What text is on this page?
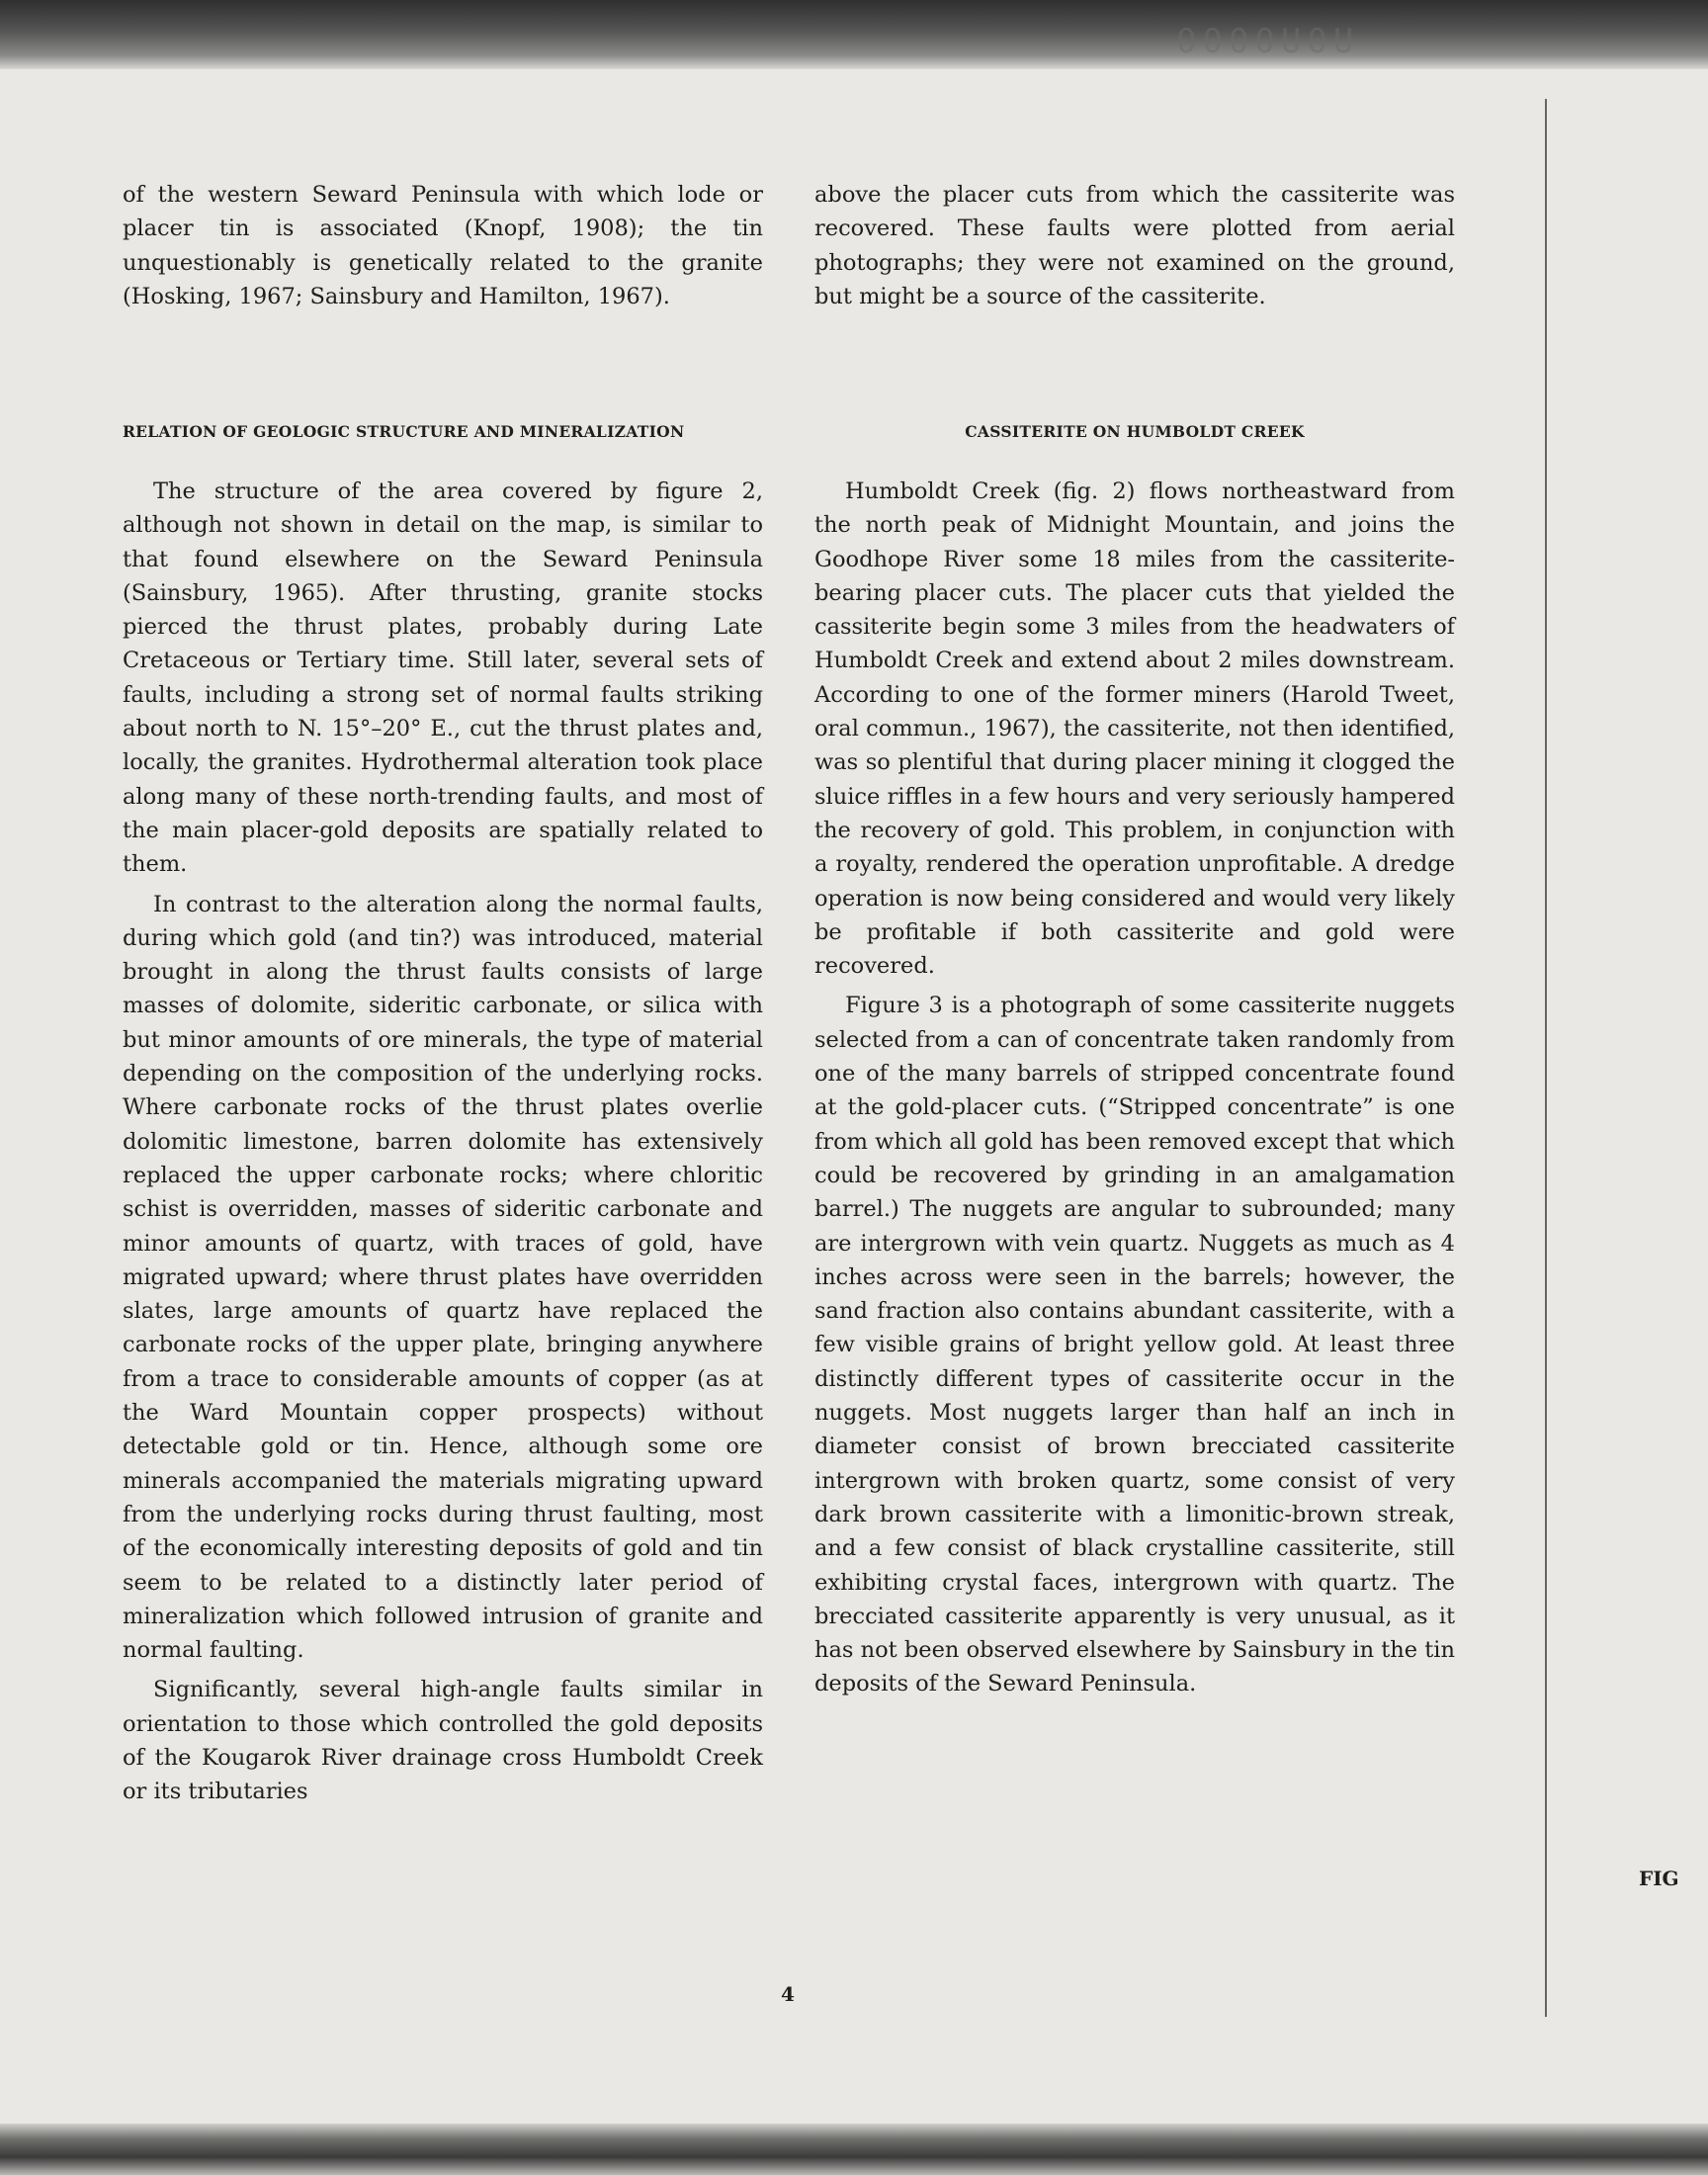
0000U0U

of the western Seward Peninsula with which lode or placer tin is associated (Knopf, 1908); the tin unquestionably is genetically related to the granite (Hosking, 1967; Sainsbury and Hamilton, 1967).

RELATION OF GEOLOGIC STRUCTURE AND MINERALIZATION

The structure of the area covered by figure 2, although not shown in detail on the map, is similar to that found elsewhere on the Seward Peninsula (Sainsbury, 1965). After thrusting, granite stocks pierced the thrust plates, probably during Late Cretaceous or Tertiary time. Still later, several sets of faults, including a strong set of normal faults striking about north to N. 15°–20° E., cut the thrust plates and, locally, the granites. Hydrothermal alteration took place along many of these north-trending faults, and most of the main placer-gold deposits are spatially related to them.

In contrast to the alteration along the normal faults, during which gold (and tin?) was introduced, material brought in along the thrust faults consists of large masses of dolomite, sideritic carbonate, or silica with but minor amounts of ore minerals, the type of material depending on the composition of the underlying rocks. Where carbonate rocks of the thrust plates overlie dolomitic limestone, barren dolomite has extensively replaced the upper carbonate rocks; where chloritic schist is overridden, masses of sideritic carbonate and minor amounts of quartz, with traces of gold, have migrated upward; where thrust plates have overridden slates, large amounts of quartz have replaced the carbonate rocks of the upper plate, bringing anywhere from a trace to considerable amounts of copper (as at the Ward Mountain copper prospects) without detectable gold or tin. Hence, although some ore minerals accompanied the materials migrating upward from the underlying rocks during thrust faulting, most of the economically interesting deposits of gold and tin seem to be related to a distinctly later period of mineralization which followed intrusion of granite and normal faulting.

Significantly, several high-angle faults similar in orientation to those which controlled the gold deposits of the Kougarok River drainage cross Humboldt Creek or its tributaries

above the placer cuts from which the cassiterite was recovered. These faults were plotted from aerial photographs; they were not examined on the ground, but might be a source of the cassiterite.

CASSITERITE ON HUMBOLDT CREEK

Humboldt Creek (fig. 2) flows northeastward from the north peak of Midnight Mountain, and joins the Goodhope River some 18 miles from the cassiterite-bearing placer cuts. The placer cuts that yielded the cassiterite begin some 3 miles from the headwaters of Humboldt Creek and extend about 2 miles downstream. According to one of the former miners (Harold Tweet, oral commun., 1967), the cassiterite, not then identified, was so plentiful that during placer mining it clogged the sluice riffles in a few hours and very seriously hampered the recovery of gold. This problem, in conjunction with a royalty, rendered the operation unprofitable. A dredge operation is now being considered and would very likely be profitable if both cassiterite and gold were recovered.

Figure 3 is a photograph of some cassiterite nuggets selected from a can of concentrate taken randomly from one of the many barrels of stripped concentrate found at the gold-placer cuts. (“Stripped concentrate” is one from which all gold has been removed except that which could be recovered by grinding in an amalgamation barrel.) The nuggets are angular to subrounded; many are intergrown with vein quartz. Nuggets as much as 4 inches across were seen in the barrels; however, the sand fraction also contains abundant cassiterite, with a few visible grains of bright yellow gold. At least three distinctly different types of cassiterite occur in the nuggets. Most nuggets larger than half an inch in diameter consist of brown brecciated cassiterite intergrown with broken quartz, some consist of very dark brown cassiterite with a limonitic-brown streak, and a few consist of black crystalline cassiterite, still exhibiting crystal faces, intergrown with quartz. The brecciated cassiterite apparently is very unusual, as it has not been observed elsewhere by Sainsbury in the tin deposits of the Seward Peninsula.

FIG
4
